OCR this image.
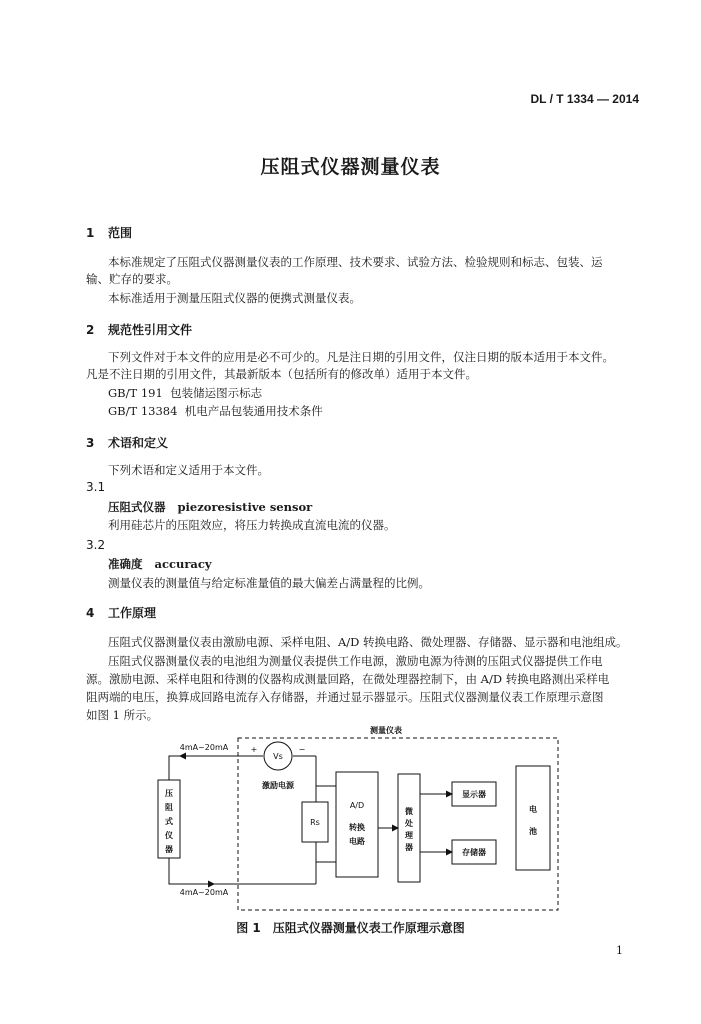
DL / T 1334 — 2014
压阻式仪器测量仪表
1 范围
本标准规定了压阻式仪器测量仪表的工作原理、技术要求、试验方法、检验规则和标志、包装、运
输、贮存的要求。
本标准适用于测量压阻式仪器的便携式测量仪表。
2 规范性引用文件
下列文件对于本文件的应用是必不可少的。凡是注日期的引用文件，仅注日期的版本适用于本文件。
凡是不注日期的引用文件，其最新版本（包括所有的修改单）适用于本文件。
GB/T 191 包装储运图示标志
GB/T 13384 机电产品包装通用技术条件
3 术语和定义
下列术语和定义适用于本文件。
3.1
压阻式仪器 piezoresistive sensor
利用硅芯片的压阻效应，将压力转换成直流电流的仪器。
3.2
准确度 accuracy
测量仪表的测量值与给定标准量值的最大偏差占满量程的比例。
4 工作原理
压阻式仪器测量仪表由激励电源、采样电阻、A/D 转换电路、微处理器、存储器、显示器和电池组成。
压阻式仪器测量仪表的电池组为测量仪表提供工作电源，激励电源为待测的压阻式仪器提供工作电
源。激励电源、采样电阻和待测的仪器构成测量回路，在微处理器控制下，由 A/D 转换电路测出采样电
阻两端的电压，换算成回路电流存入存储器，并通过显示器显示。压阻式仪器测量仪表工作原理示意图
如图 1 所示。
测量仪表
4mA~20mA
4mA~20mA
+	−
Vs
激励电源
Rs
压
阻
式
仪
器
A/D
转换
电路
微
处
理
器
显示器
存储器
电
池
图 1　压阻式仪器测量仪表工作原理示意图
1
